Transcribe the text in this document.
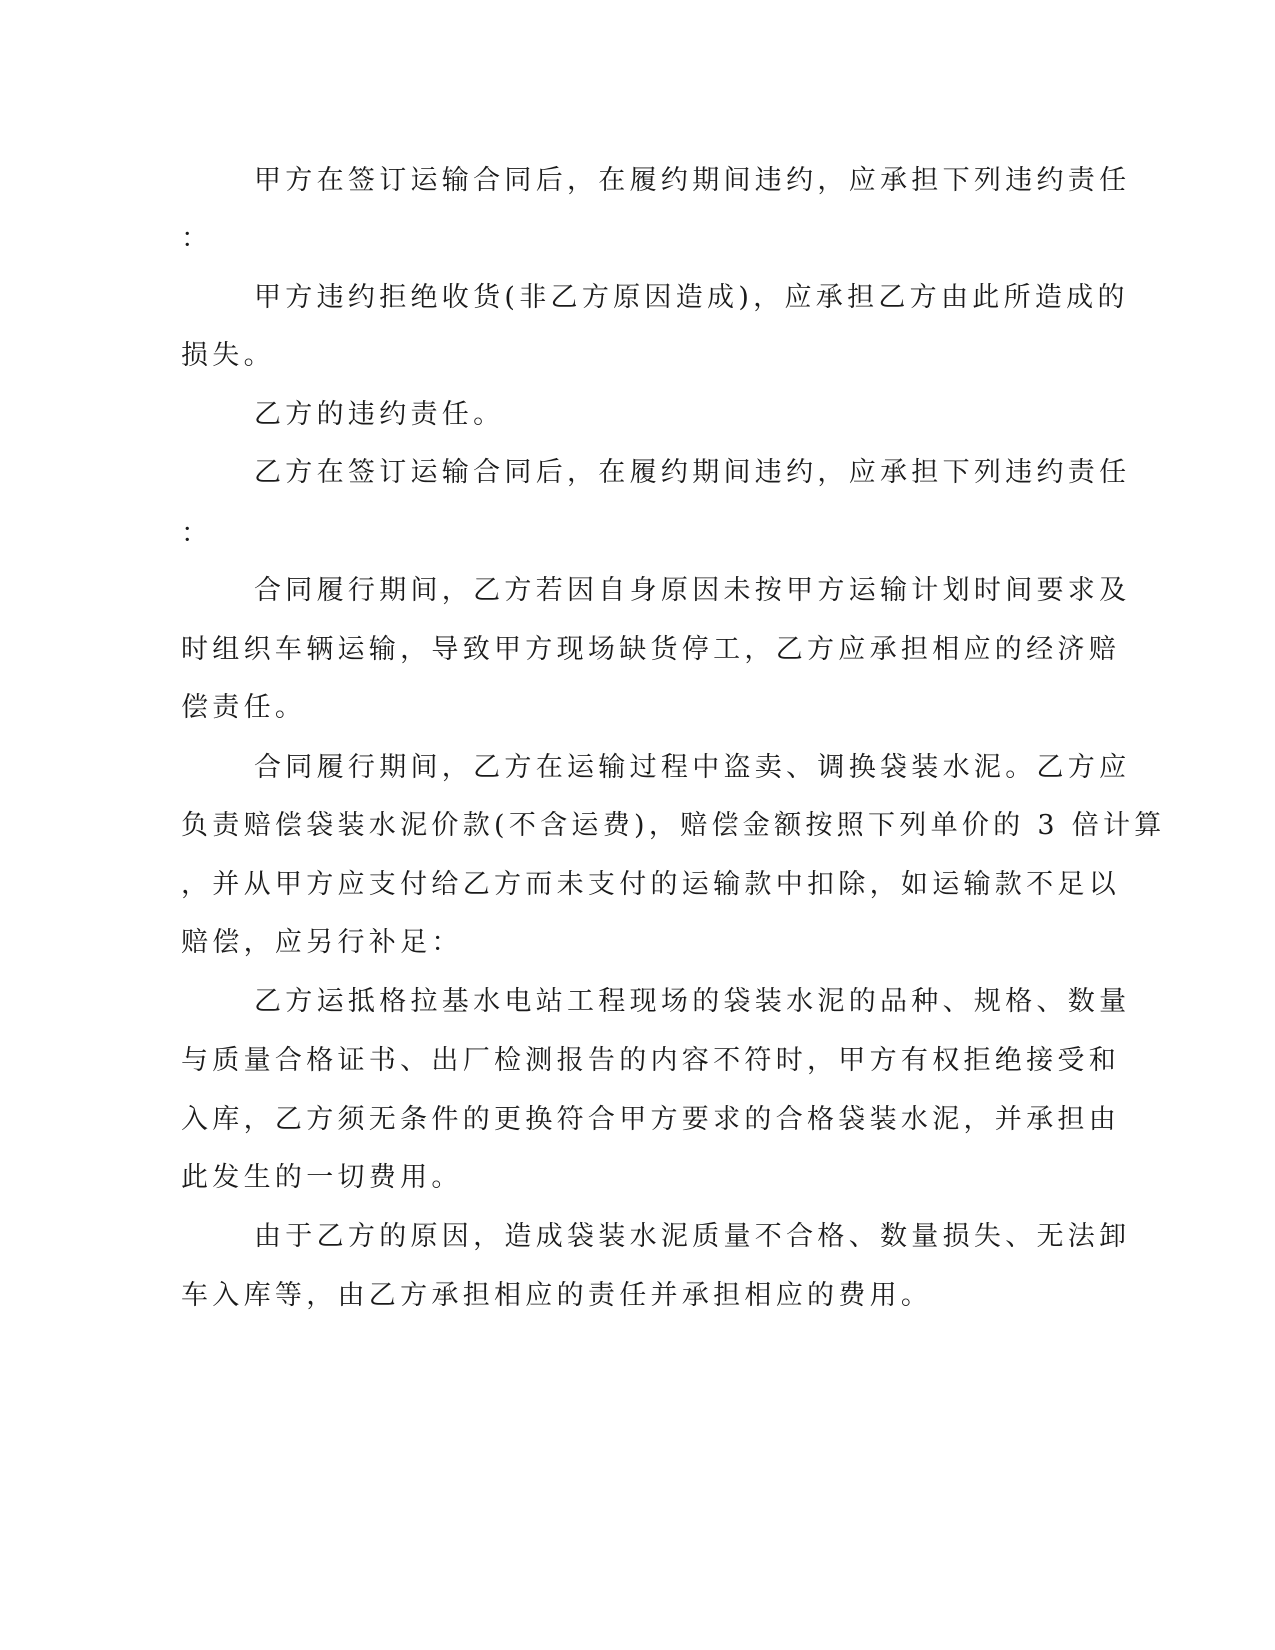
甲方在签订运输合同后，在履约期间违约，应承担下列违约责任
：
甲方违约拒绝收货(非乙方原因造成)，应承担乙方由此所造成的
损失。
乙方的违约责任。
乙方在签订运输合同后，在履约期间违约，应承担下列违约责任
：
合同履行期间，乙方若因自身原因未按甲方运输计划时间要求及
时组织车辆运输，导致甲方现场缺货停工，乙方应承担相应的经济赔
偿责任。
合同履行期间，乙方在运输过程中盗卖、调换袋装水泥。乙方应
负责赔偿袋装水泥价款(不含运费)，赔偿金额按照下列单价的 3 倍计算
，并从甲方应支付给乙方而未支付的运输款中扣除，如运输款不足以
赔偿，应另行补足：
乙方运抵格拉基水电站工程现场的袋装水泥的品种、规格、数量
与质量合格证书、出厂检测报告的内容不符时，甲方有权拒绝接受和
入库，乙方须无条件的更换符合甲方要求的合格袋装水泥，并承担由
此发生的一切费用。
由于乙方的原因，造成袋装水泥质量不合格、数量损失、无法卸
车入库等，由乙方承担相应的责任并承担相应的费用。
